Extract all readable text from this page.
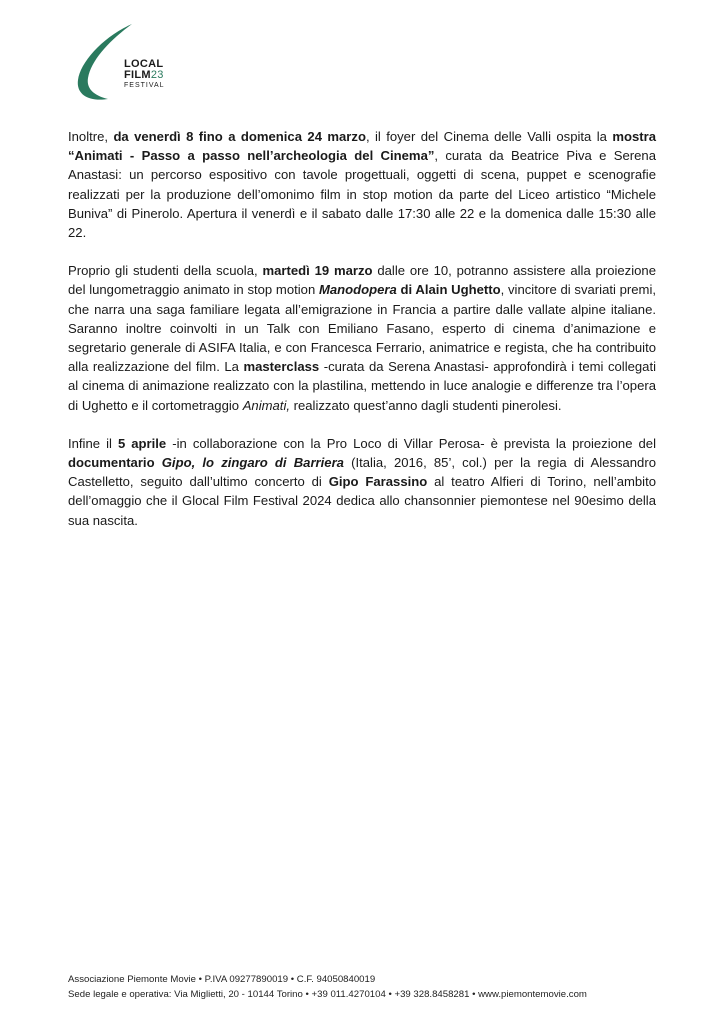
LOCAL
FILM23
FESTIVAL

Inoltre, da venerdì 8 fino a domenica 24 marzo, il foyer del Cinema delle Valli ospita la mostra “Animati - Passo a passo nell’archeologia del Cinema”, curata da Beatrice Piva e Serena Anastasi: un percorso espositivo con tavole progettuali, oggetti di scena, puppet e scenografie realizzati per la produzione dell’omonimo film in stop motion da parte del Liceo artistico “Michele Buniva” di Pinerolo. Apertura il venerdì e il sabato dalle 17:30 alle 22 e la domenica dalle 15:30 alle 22.

Proprio gli studenti della scuola, martedì 19 marzo dalle ore 10, potranno assistere alla proiezione del lungometraggio animato in stop motion Manodopera di Alain Ughetto, vincitore di svariati premi, che narra una saga familiare legata all’emigrazione in Francia a partire dalle vallate alpine italiane. Saranno inoltre coinvolti in un Talk con Emiliano Fasano, esperto di cinema d’animazione e segretario generale di ASIFA Italia, e con Francesca Ferrario, animatrice e regista, che ha contribuito alla realizzazione del film. La masterclass -curata da Serena Anastasi- approfondirà i temi collegati al cinema di animazione realizzato con la plastilina, mettendo in luce analogie e differenze tra l’opera di Ughetto e il cortometraggio Animati, realizzato quest’anno dagli studenti pinerolesi.

Infine il 5 aprile -in collaborazione con la Pro Loco di Villar Perosa- è prevista la proiezione del documentario Gipo, lo zingaro di Barriera (Italia, 2016, 85’, col.) per la regia di Alessandro Castelletto, seguito dall’ultimo concerto di Gipo Farassino al teatro Alfieri di Torino, nell’ambito dell’omaggio che il Glocal Film Festival 2024 dedica allo chansonnier piemontese nel 90esimo della sua nascita.

Associazione Piemonte Movie • P.IVA 09277890019 • C.F. 94050840019
Sede legale e operativa: Via Miglietti, 20 - 10144 Torino • +39 011.4270104 • +39 328.8458281 • www.piemontemovie.com
